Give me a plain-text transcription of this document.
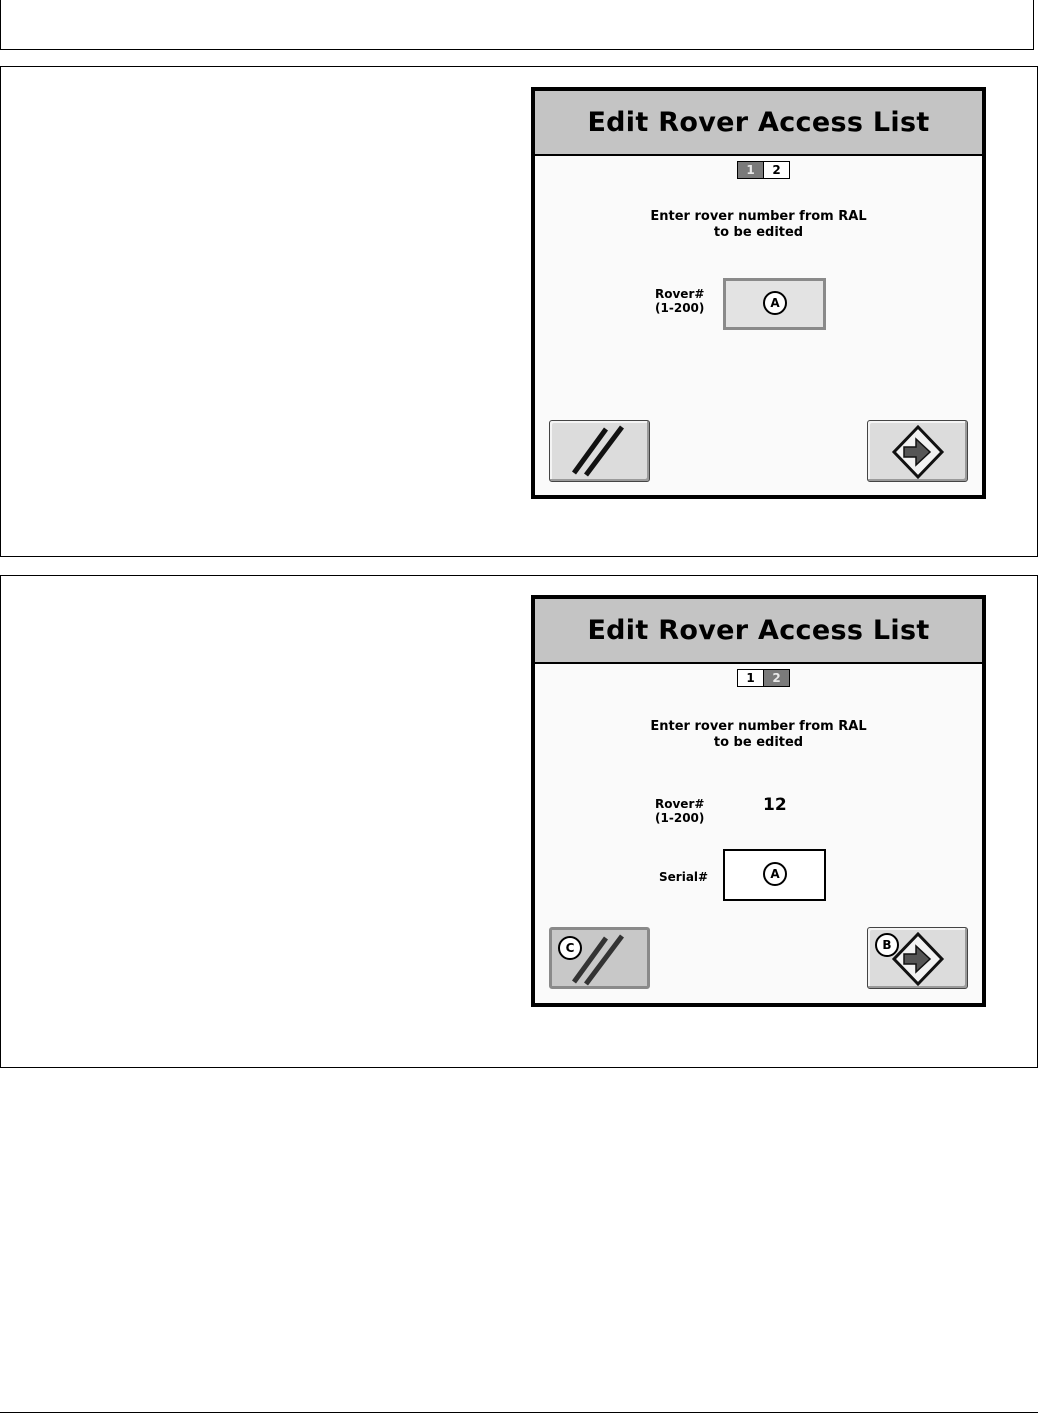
Edit Rover Access List
1	2
Enter rover number from RAL
to be edited
Rover#
(1-200)	A
Edit Rover Access List
1	2
Enter rover number from RAL
to be edited
Rover#
(1-200)
12
Serial#	A
C	B
